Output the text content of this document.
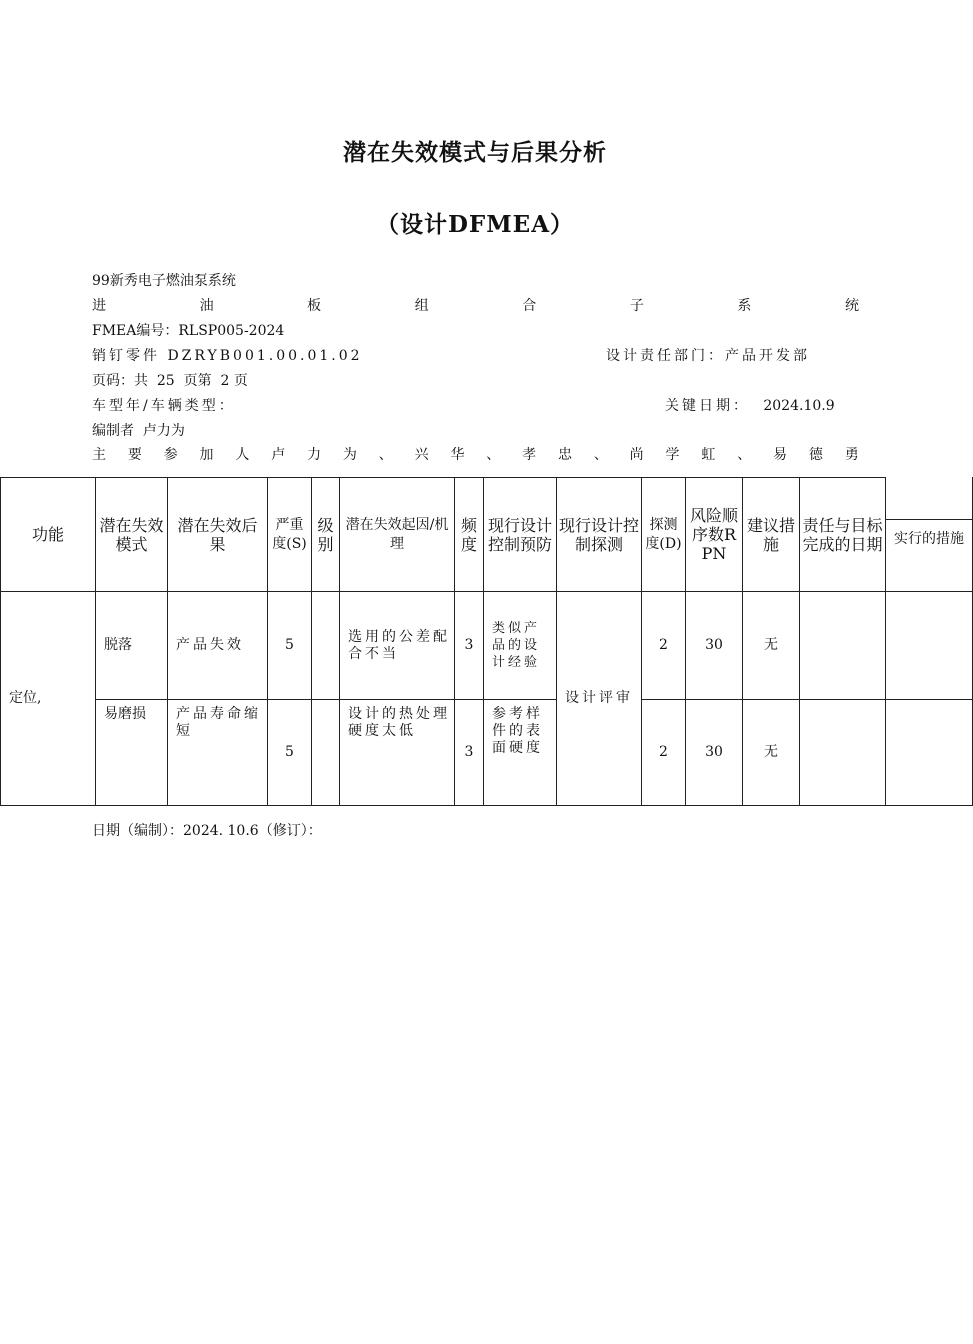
潜在失效模式与后果分析
（设计DFMEA）
99新秀电子燃油泵系统
进	油	板	组	合	子	系	统
FMEA编号：RLSP005-2024
销钉零件 DZRYB001.00.01.02	设计责任部门：产品开发部
页码：共  25  页第  2 页
车型年/车辆类型：	关键日期： 2024.10.9
编制者  卢力为
主 要 参 加 人 卢 力 为 、 兴 华 、 孝 忠 、 尚 学 虹 、 易 德 勇
功能	潜在失效模式	潜在失效后果	严重度(S)	级别	潜在失效起因/机理	频度	现行设计控制预防	现行设计控制探测	探测度(D)	风险顺序数RPN	建议措施	责任与目标完成的日期	实行的措施

定位,	脱落	产品失效	5		选用的公差配合不当	3	类似产品的设计经验	设计评审	2	30	无		
	易磨损	产品寿命缩短	5		设计的热处理硬度太低	3	参考样件的表面硬度		2	30	无		
日期（编制）：2024. 10.6（修订）：
